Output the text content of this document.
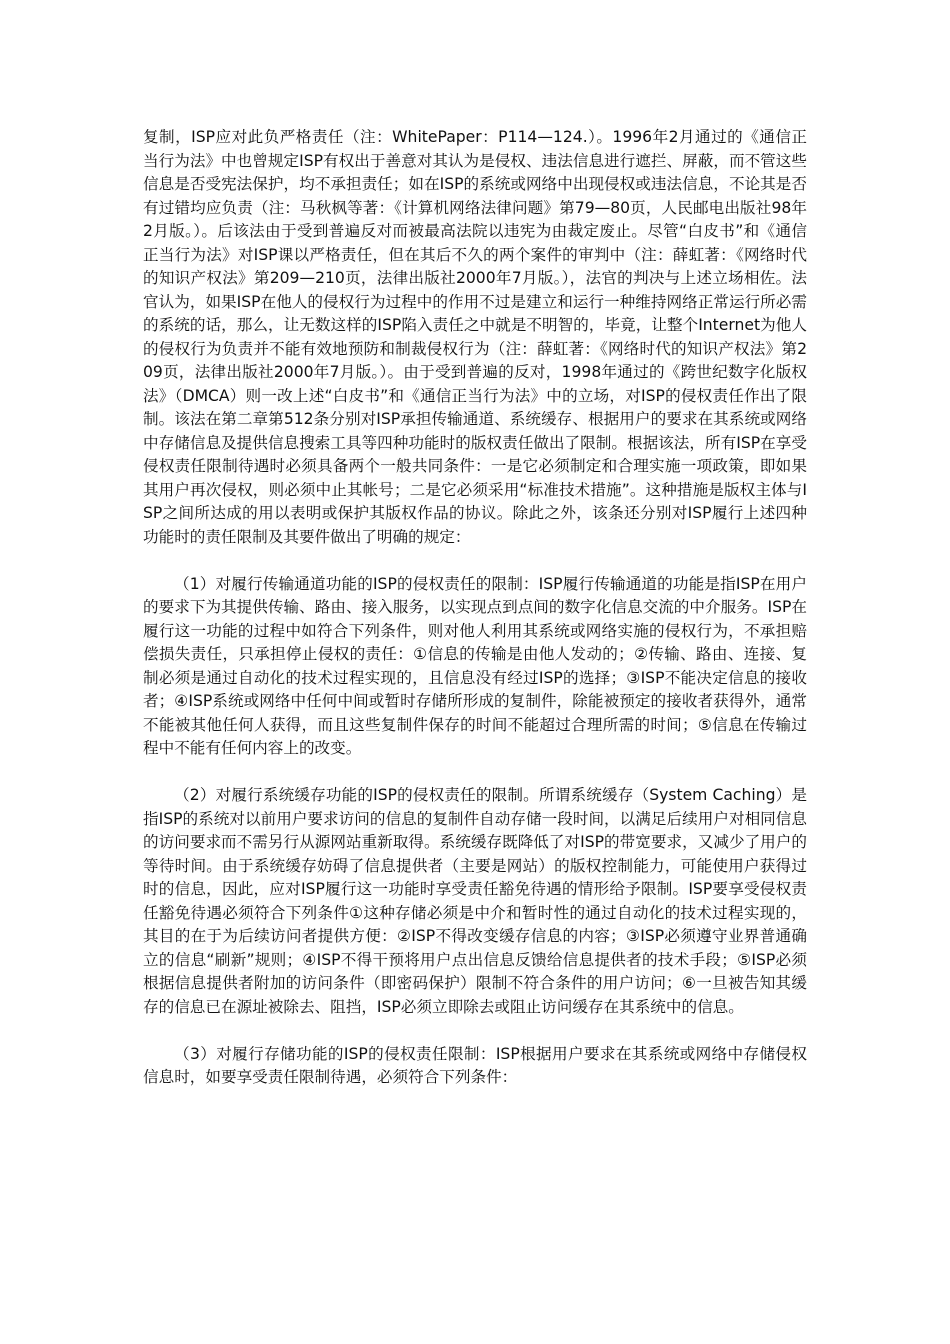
复制，ISP应对此负严格责任（注：WhitePaper：P114—124.）。1996年2月通过的《通信正当行为法》中也曾规定ISP有权出于善意对其认为是侵权、违法信息进行遮拦、屏蔽，而不管这些信息是否受宪法保护，均不承担责任；如在ISP的系统或网络中出现侵权或违法信息，不论其是否有过错均应负责（注：马秋枫等著：《计算机网络法律问题》第79—80页，人民邮电出版社98年2月版。）。后该法由于受到普遍反对而被最高法院以违宪为由裁定废止。尽管“白皮书”和《通信正当行为法》对ISP课以严格责任，但在其后不久的两个案件的审判中（注：薛虹著：《网络时代的知识产权法》第209—210页，法律出版社2000年7月版。），法官的判决与上述立场相佐。法官认为，如果ISP在他人的侵权行为过程中的作用不过是建立和运行一种维持网络正常运行所必需的系统的话，那么，让无数这样的ISP陷入责任之中就是不明智的，毕竟，让整个Internet为他人的侵权行为负责并不能有效地预防和制裁侵权行为（注：薛虹著：《网络时代的知识产权法》第209页，法律出版社2000年7月版。）。由于受到普遍的反对，1998年通过的《跨世纪数字化版权法》（DMCA）则一改上述“白皮书”和《通信正当行为法》中的立场，对ISP的侵权责任作出了限制。该法在第二章第512条分别对ISP承担传输通道、系统缓存、根据用户的要求在其系统或网络中存储信息及提供信息搜索工具等四种功能时的版权责任做出了限制。根据该法，所有ISP在享受侵权责任限制待遇时必须具备两个一般共同条件：一是它必须制定和合理实施一项政策，即如果其用户再次侵权，则必须中止其帐号；二是它必须采用“标准技术措施”。这种措施是版权主体与ISP之间所达成的用以表明或保护其版权作品的协议。除此之外，该条还分别对ISP履行上述四种功能时的责任限制及其要件做出了明确的规定：

（1）对履行传输通道功能的ISP的侵权责任的限制：ISP履行传输通道的功能是指ISP在用户的要求下为其提供传输、路由、接入服务，以实现点到点间的数字化信息交流的中介服务。ISP在履行这一功能的过程中如符合下列条件，则对他人利用其系统或网络实施的侵权行为，不承担赔偿损失责任，只承担停止侵权的责任：①信息的传输是由他人发动的；②传输、路由、连接、复制必须是通过自动化的技术过程实现的，且信息没有经过ISP的选择；③ISP不能决定信息的接收者；④ISP系统或网络中任何中间或暂时存储所形成的复制件，除能被预定的接收者获得外，通常不能被其他任何人获得，而且这些复制件保存的时间不能超过合理所需的时间；⑤信息在传输过程中不能有任何内容上的改变。

（2）对履行系统缓存功能的ISP的侵权责任的限制。所谓系统缓存（System Caching）是指ISP的系统对以前用户要求访问的信息的复制件自动存储一段时间，以满足后续用户对相同信息的访问要求而不需另行从源网站重新取得。系统缓存既降低了对ISP的带宽要求，又减少了用户的等待时间。由于系统缓存妨碍了信息提供者（主要是网站）的版权控制能力，可能使用户获得过时的信息，因此，应对ISP履行这一功能时享受责任豁免待遇的情形给予限制。ISP要享受侵权责任豁免待遇必须符合下列条件①这种存储必须是中介和暂时性的通过自动化的技术过程实现的，其目的在于为后续访问者提供方便：②ISP不得改变缓存信息的内容；③ISP必须遵守业界普通确立的信息“刷新”规则；④ISP不得干预将用户点出信息反馈给信息提供者的技术手段；⑤ISP必须根据信息提供者附加的访问条件（即密码保护）限制不符合条件的用户访问；⑥一旦被告知其缓存的信息已在源址被除去、阻挡，ISP必须立即除去或阻止访问缓存在其系统中的信息。

（3）对履行存储功能的ISP的侵权责任限制：ISP根据用户要求在其系统或网络中存储侵权信息时，如要享受责任限制待遇，必须符合下列条件：
